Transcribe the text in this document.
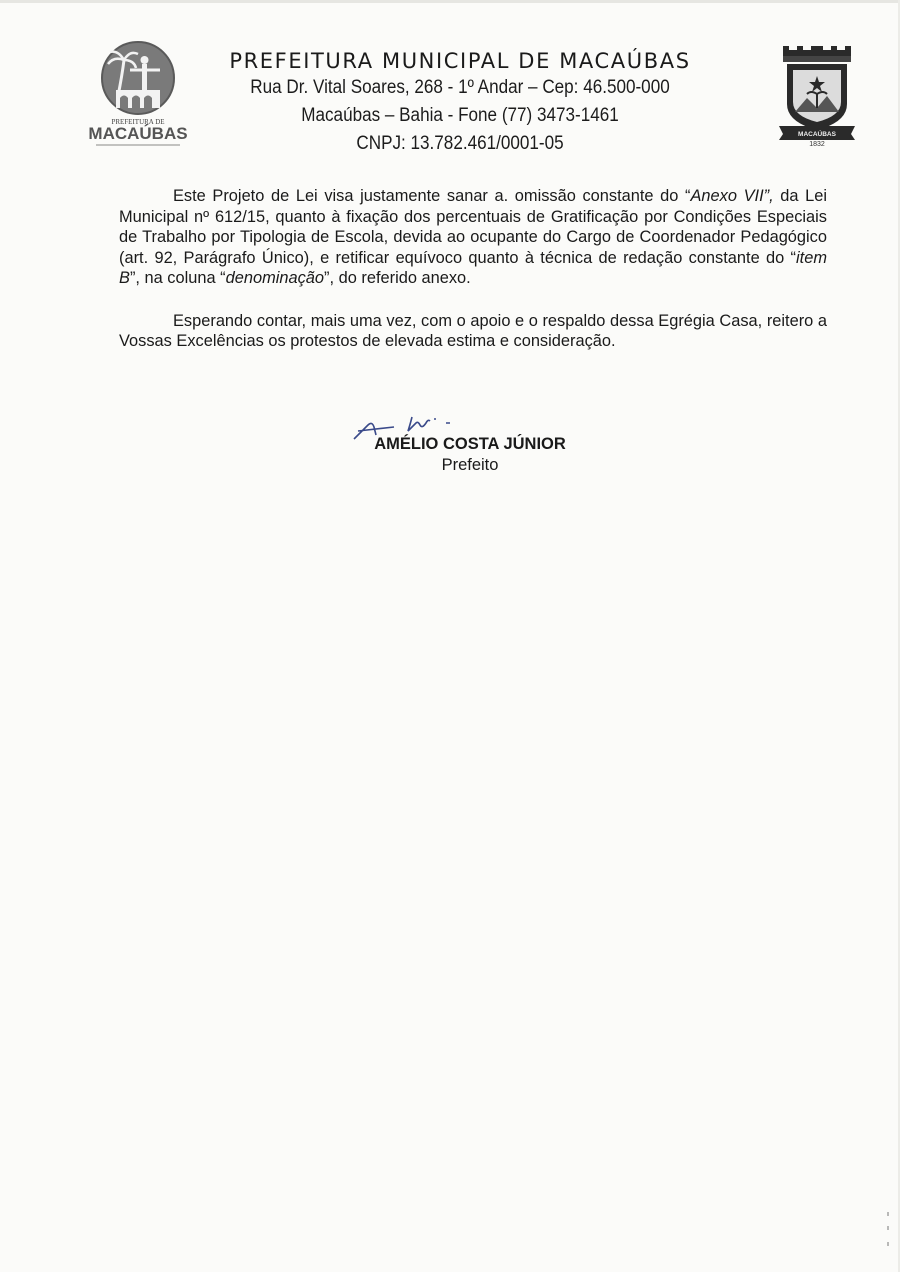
PREFEITURA DE
MACAÚBAS

PREFEITURA MUNICIPAL DE MACAÚBAS

Rua Dr. Vital Soares, 268 - 1º Andar – Cep: 46.500-000

Macaúbas – Bahia - Fone (77) 3473-1461

CNPJ: 13.782.461/0001-05	MACAÚBAS
1832

Este Projeto de Lei visa justamente sanar a. omissão constante do “Anexo VII”, da Lei Municipal nº 612/15, quanto à fixação dos percentuais de Gratificação por Condições Especiais de Trabalho por Tipologia de Escola, devida ao ocupante do Cargo de Coordenador Pedagógico (art. 92, Parágrafo Único), e retificar equívoco quanto à técnica de redação constante do “item B”, na coluna “denominação”, do referido anexo.

Esperando contar, mais uma vez, com o apoio e o respaldo dessa Egrégia Casa, reitero a Vossas Excelências os protestos de elevada estima e consideração.

AMÉLIO COSTA JÚNIOR
Prefeito
